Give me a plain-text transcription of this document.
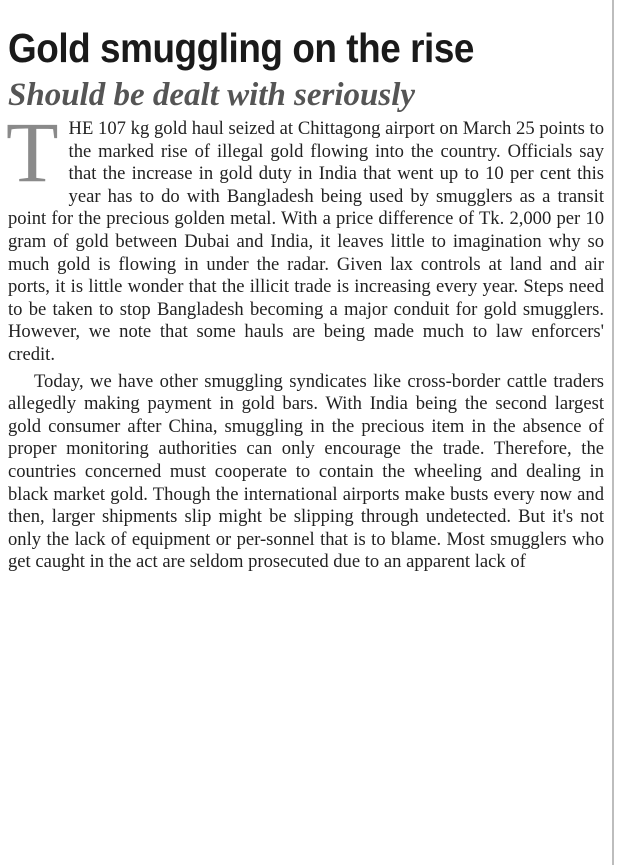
Gold smuggling on the rise
Should be dealt with seriously

THE 107 kg gold haul seized at Chittagong airport on March 25 points to the marked rise of illegal gold flowing into the country. Officials say that the increase in gold duty in India that went up to 10 per cent this year has to do with Bangladesh being used by smugglers as a transit point for the precious golden metal. With a price difference of Tk. 2,000 per 10 gram of gold between Dubai and India, it leaves little to imagination why so much gold is flowing in under the radar. Given lax controls at land and air ports, it is little wonder that the illicit trade is increasing every year. Steps need to be taken to stop Bangladesh becoming a major conduit for gold smugglers. However, we note that some hauls are being made much to law enforcers' credit.

Today, we have other smuggling syndicates like cross-border cattle traders allegedly making payment in gold bars. With India being the second largest gold consumer after China, smuggling in the precious item in the absence of proper monitoring authorities can only encourage the trade. Therefore, the countries concerned must cooperate to contain the wheeling and dealing in black market gold. Though the international airports make busts every now and then, larger shipments slip might be slipping through undetected. But it's not only the lack of equipment or per-sonnel that is to blame. Most smugglers who get caught in the act are seldom prosecuted due to an apparent lack of
